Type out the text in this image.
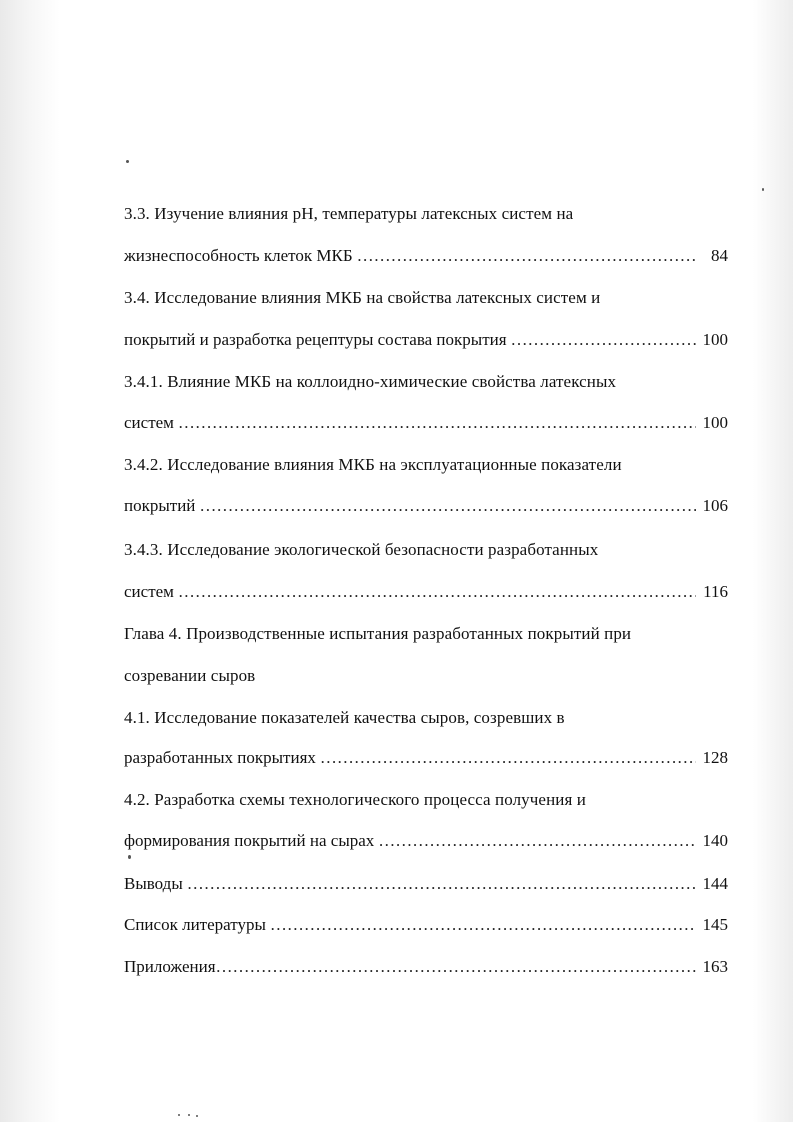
3.3. Изучение влияния pH, температуры латексных систем на
жизнеспособность клеток МКБ ……………………………………………………………………………………………………………………………………………………………………	84
3.4. Исследование влияния МКБ на свойства латексных систем и
покрытий и разработка рецептуры состава покрытия ……………………………………………………………………………………………………………………………………………………………………	100
3.4.1. Влияние МКБ на коллоидно-химические свойства латексных
систем ……………………………………………………………………………………………………………………………………………………………………	100
3.4.2. Исследование влияния МКБ на эксплуатационные показатели
покрытий ……………………………………………………………………………………………………………………………………………………………………	106
3.4.3. Исследование экологической безопасности разработанных
систем ……………………………………………………………………………………………………………………………………………………………………	116
Глава 4. Производственные испытания разработанных покрытий при
созревании сыров
4.1. Исследование показателей качества сыров, созревших в
разработанных покрытиях ……………………………………………………………………………………………………………………………………………………………………	128
4.2. Разработка схемы технологического процесса получения и
формирования покрытий на сырах ……………………………………………………………………………………………………………………………………………………………………	140
Выводы ……………………………………………………………………………………………………………………………………………………………………	144
Список литературы ……………………………………………………………………………………………………………………………………………………………………	145
Приложения ……………………………………………………………………………………………………………………………………………………………………	163
